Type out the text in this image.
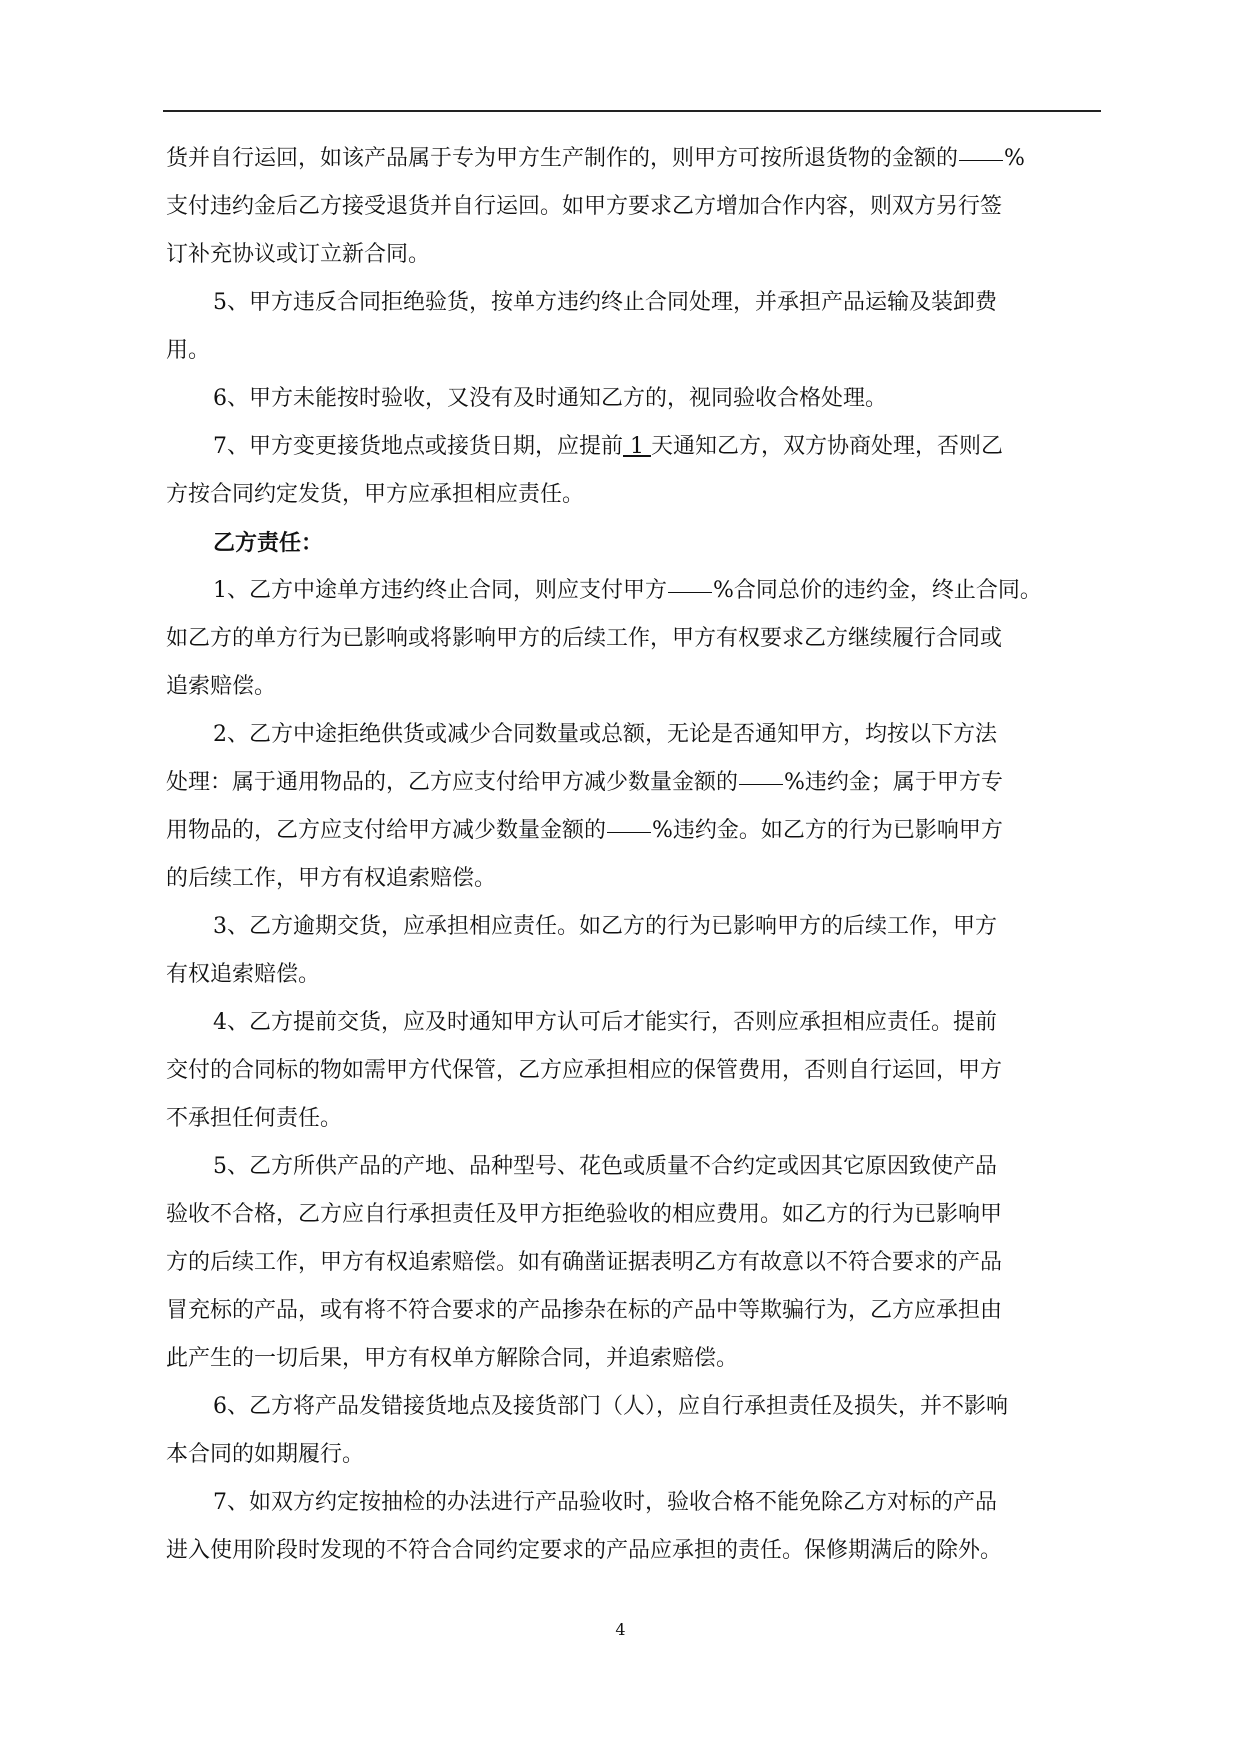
货并自行运回，如该产品属于专为甲方生产制作的，则甲方可按所退货物的金额的 %
支付违约金后乙方接受退货并自行运回。如甲方要求乙方增加合作内容，则双方另行签
订补充协议或订立新合同。
5、甲方违反合同拒绝验货，按单方违约终止合同处理，并承担产品运输及装卸费
用。
6、甲方未能按时验收，又没有及时通知乙方的，视同验收合格处理。
7、甲方变更接货地点或接货日期，应提前 1 天通知乙方，双方协商处理，否则乙
方按合同约定发货，甲方应承担相应责任。
乙方责任：
1、乙方中途单方违约终止合同，则应支付甲方 %合同总价的违约金，终止合同。
如乙方的单方行为已影响或将影响甲方的后续工作，甲方有权要求乙方继续履行合同或
追索赔偿。
2、乙方中途拒绝供货或减少合同数量或总额，无论是否通知甲方，均按以下方法
处理：属于通用物品的，乙方应支付给甲方减少数量金额的 %违约金；属于甲方专
用物品的，乙方应支付给甲方减少数量金额的 %违约金。如乙方的行为已影响甲方
的后续工作，甲方有权追索赔偿。
3、乙方逾期交货，应承担相应责任。如乙方的行为已影响甲方的后续工作，甲方
有权追索赔偿。
4、乙方提前交货，应及时通知甲方认可后才能实行，否则应承担相应责任。提前
交付的合同标的物如需甲方代保管，乙方应承担相应的保管费用，否则自行运回，甲方
不承担任何责任。
5、乙方所供产品的产地、品种型号、花色或质量不合约定或因其它原因致使产品
验收不合格，乙方应自行承担责任及甲方拒绝验收的相应费用。如乙方的行为已影响甲
方的后续工作，甲方有权追索赔偿。如有确凿证据表明乙方有故意以不符合要求的产品
冒充标的产品，或有将不符合要求的产品掺杂在标的产品中等欺骗行为，乙方应承担由
此产生的一切后果，甲方有权单方解除合同，并追索赔偿。
6、乙方将产品发错接货地点及接货部门（人），应自行承担责任及损失，并不影响
本合同的如期履行。
7、如双方约定按抽检的办法进行产品验收时，验收合格不能免除乙方对标的产品
进入使用阶段时发现的不符合合同约定要求的产品应承担的责任。保修期满后的除外。
4
